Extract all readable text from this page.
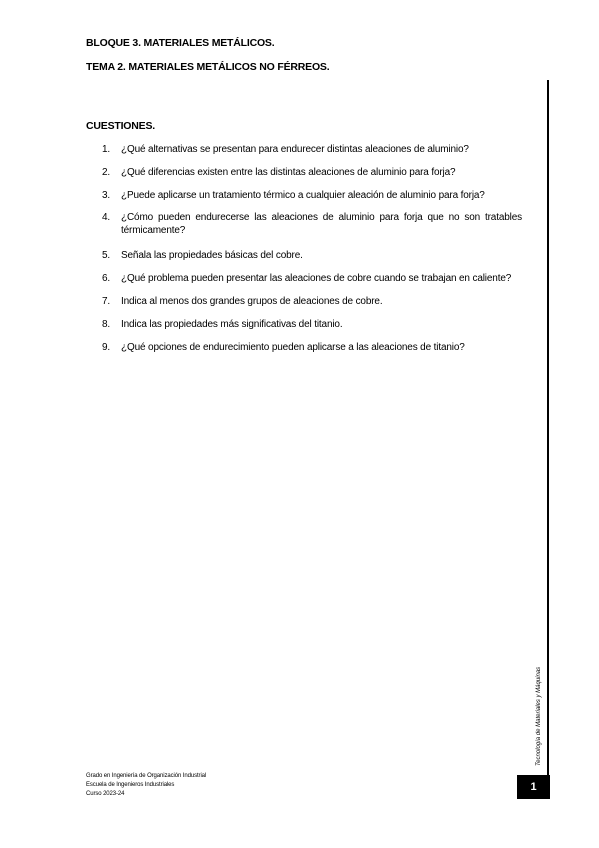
BLOQUE 3. MATERIALES METÁLICOS.
TEMA 2. MATERIALES METÁLICOS NO FÉRREOS.
CUESTIONES.
1.	¿Qué alternativas se presentan para endurecer distintas aleaciones de aluminio?
2.	¿Qué diferencias existen entre las distintas aleaciones de aluminio para forja?
3.	¿Puede aplicarse un tratamiento térmico a cualquier aleación de aluminio para forja?
4.	¿Cómo pueden endurecerse las aleaciones de aluminio para forja que no son tratables térmicamente?
5.	Señala las propiedades básicas del cobre.
6.	¿Qué problema pueden presentar las aleaciones de cobre cuando se trabajan en caliente?
7.	Indica al menos dos grandes grupos de aleaciones de cobre.
8.	Indica las propiedades más significativas del titanio.
9.	¿Qué opciones de endurecimiento pueden aplicarse a las aleaciones de titanio?
Tecnología de Materiales y Máquinas
1
Grado en Ingeniería de Organización Industrial
Escuela de Ingenieros Industriales
Curso 2023-24
